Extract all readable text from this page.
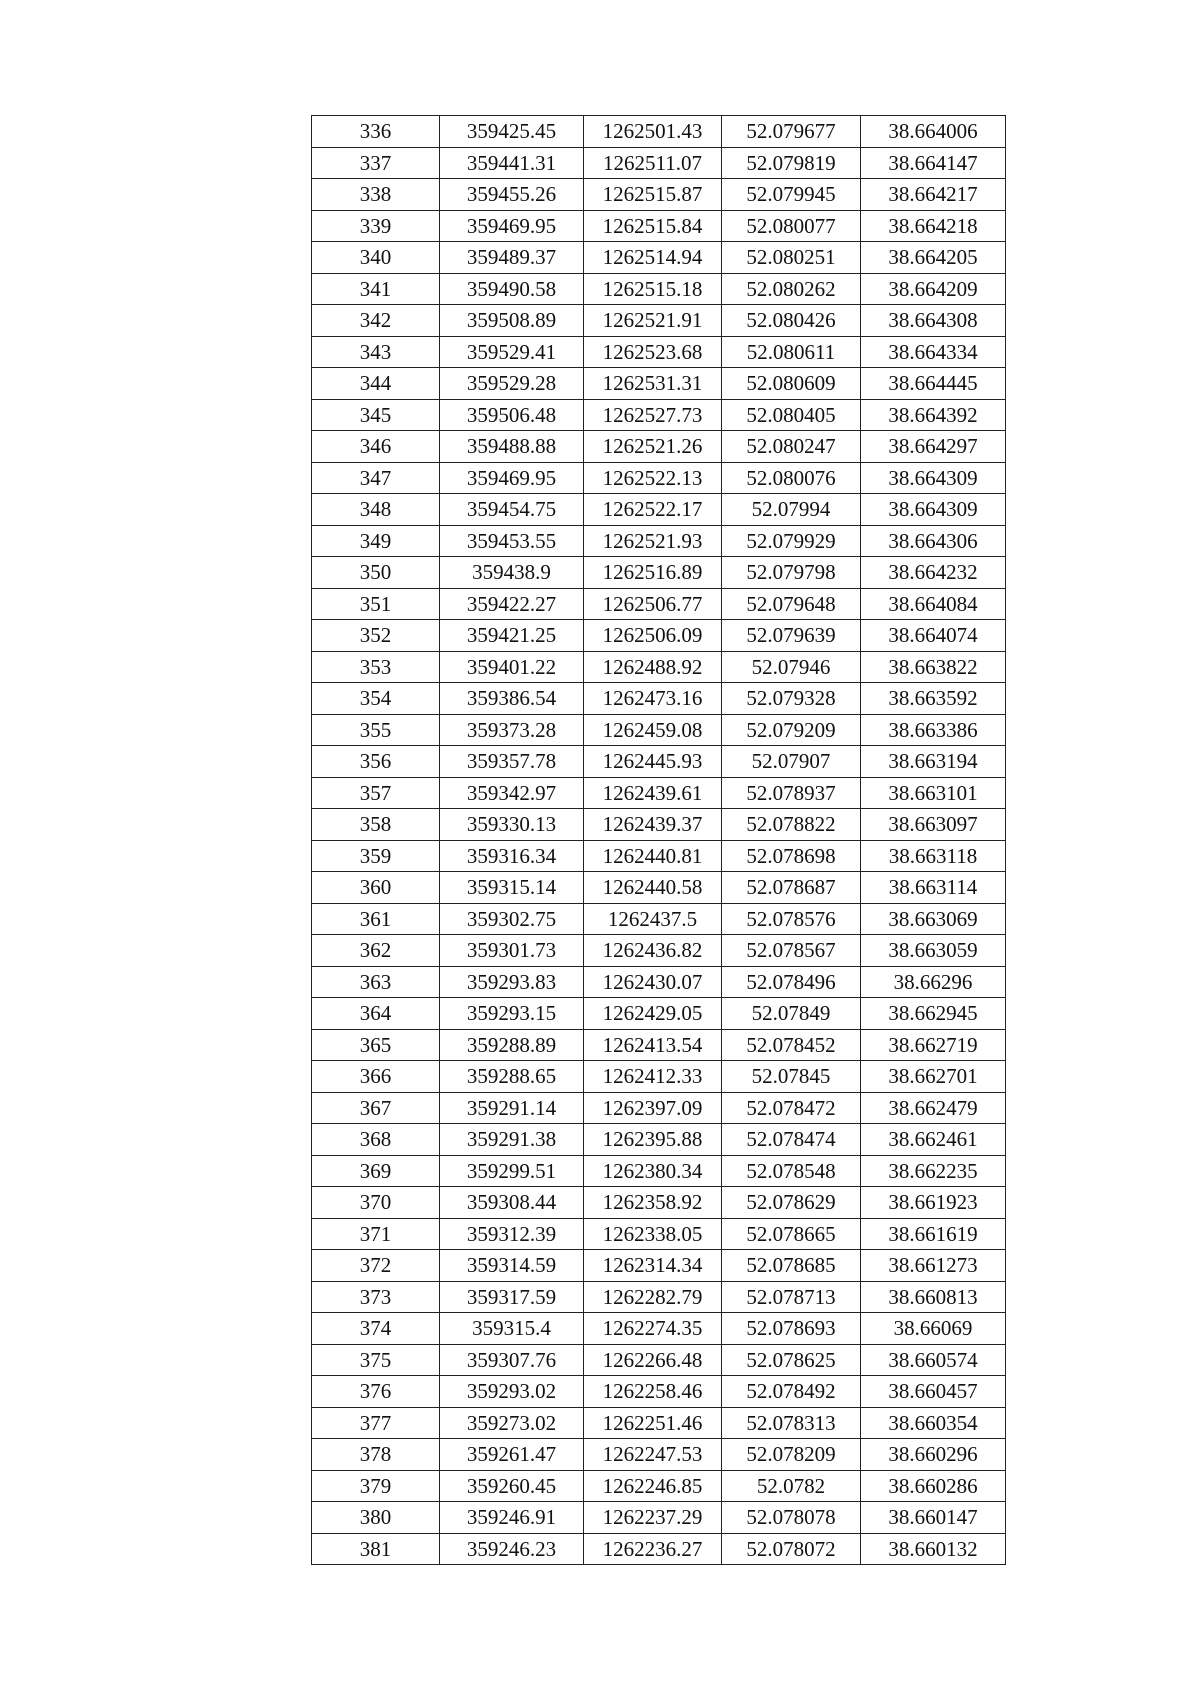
336	359425.45	1262501.43	52.079677	38.664006
337	359441.31	1262511.07	52.079819	38.664147
338	359455.26	1262515.87	52.079945	38.664217
339	359469.95	1262515.84	52.080077	38.664218
340	359489.37	1262514.94	52.080251	38.664205
341	359490.58	1262515.18	52.080262	38.664209
342	359508.89	1262521.91	52.080426	38.664308
343	359529.41	1262523.68	52.080611	38.664334
344	359529.28	1262531.31	52.080609	38.664445
345	359506.48	1262527.73	52.080405	38.664392
346	359488.88	1262521.26	52.080247	38.664297
347	359469.95	1262522.13	52.080076	38.664309
348	359454.75	1262522.17	52.07994	38.664309
349	359453.55	1262521.93	52.079929	38.664306
350	359438.9	1262516.89	52.079798	38.664232
351	359422.27	1262506.77	52.079648	38.664084
352	359421.25	1262506.09	52.079639	38.664074
353	359401.22	1262488.92	52.07946	38.663822
354	359386.54	1262473.16	52.079328	38.663592
355	359373.28	1262459.08	52.079209	38.663386
356	359357.78	1262445.93	52.07907	38.663194
357	359342.97	1262439.61	52.078937	38.663101
358	359330.13	1262439.37	52.078822	38.663097
359	359316.34	1262440.81	52.078698	38.663118
360	359315.14	1262440.58	52.078687	38.663114
361	359302.75	1262437.5	52.078576	38.663069
362	359301.73	1262436.82	52.078567	38.663059
363	359293.83	1262430.07	52.078496	38.66296
364	359293.15	1262429.05	52.07849	38.662945
365	359288.89	1262413.54	52.078452	38.662719
366	359288.65	1262412.33	52.07845	38.662701
367	359291.14	1262397.09	52.078472	38.662479
368	359291.38	1262395.88	52.078474	38.662461
369	359299.51	1262380.34	52.078548	38.662235
370	359308.44	1262358.92	52.078629	38.661923
371	359312.39	1262338.05	52.078665	38.661619
372	359314.59	1262314.34	52.078685	38.661273
373	359317.59	1262282.79	52.078713	38.660813
374	359315.4	1262274.35	52.078693	38.66069
375	359307.76	1262266.48	52.078625	38.660574
376	359293.02	1262258.46	52.078492	38.660457
377	359273.02	1262251.46	52.078313	38.660354
378	359261.47	1262247.53	52.078209	38.660296
379	359260.45	1262246.85	52.0782	38.660286
380	359246.91	1262237.29	52.078078	38.660147
381	359246.23	1262236.27	52.078072	38.660132
